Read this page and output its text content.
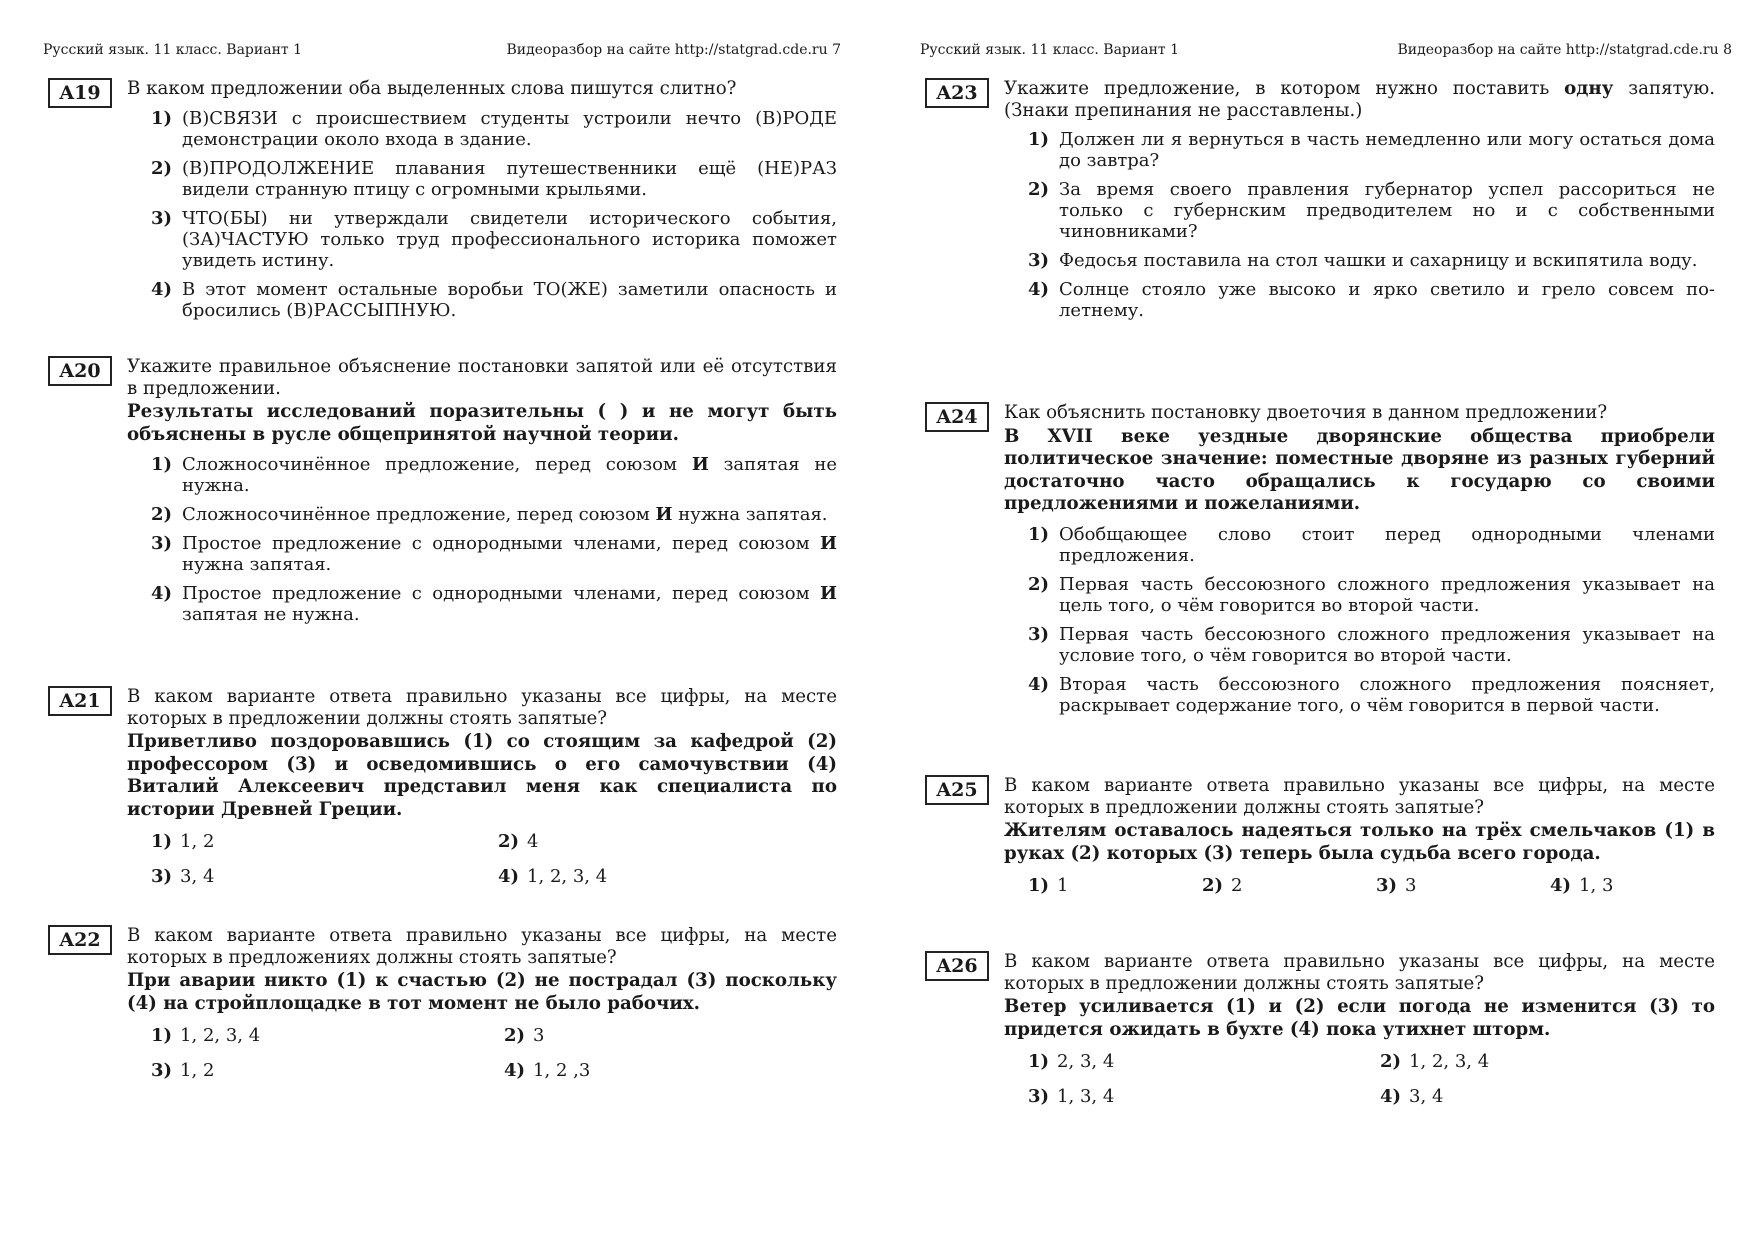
Русский язык. 11 класс. Вариант 1	Видеоразбор на сайте http://statgrad.cde.ru 7
A19	В каком предложении оба выделенных слова пишутся слитно?
1) (В)СВЯЗИ с происшествием студенты устроили нечто (В)РОДЕ демонстрации около входа в здание.
2) (В)ПРОДОЛЖЕНИЕ плавания путешественники ещё (НЕ)РАЗ видели странную птицу с огромными крыльями.
3) ЧТО(БЫ) ни утверждали свидетели исторического события, (ЗА)ЧАСТУЮ только труд профессионального историка поможет увидеть истину.
4) В этот момент остальные воробьи ТО(ЖЕ) заметили опасность и бросились (В)РАССЫПНУЮ.
A20	Укажите правильное объяснение постановки запятой или её отсутствия в предложении.
Результаты исследований поразительны ( ) и не могут быть объяснены в русле общепринятой научной теории.
1) Сложносочинённое предложение, перед союзом И запятая не нужна.
2) Сложносочинённое предложение, перед союзом И нужна запятая.
3) Простое предложение с однородными членами, перед союзом И нужна запятая.
4) Простое предложение с однородными членами, перед союзом И запятая не нужна.
A21	В каком варианте ответа правильно указаны все цифры, на месте которых в предложении должны стоять запятые?
Приветливо поздоровавшись (1) со стоящим за кафедрой (2) профессором (3) и осведомившись о его самочувствии (4) Виталий Алексеевич представил меня как специалиста по истории Древней Греции.
1) 1, 2	2) 4
3) 3, 4	4) 1, 2, 3, 4
A22	В каком варианте ответа правильно указаны все цифры, на месте которых в предложениях должны стоять запятые?
При аварии никто (1) к счастью (2) не пострадал (3) поскольку (4) на стройплощадке в тот момент не было рабочих.
1) 1, 2, 3, 4	2) 3
3) 1, 2	4) 1, 2 ,3
Русский язык. 11 класс. Вариант 1	Видеоразбор на сайте http://statgrad.cde.ru 8
A23	Укажите предложение, в котором нужно поставить одну запятую. (Знаки препинания не расставлены.)
1) Должен ли я вернуться в часть немедленно или могу остаться дома до завтра?
2) За время своего правления губернатор успел рассориться не только с губернским предводителем но и с собственными чиновниками?
3) Федосья поставила на стол чашки и сахарницу и вскипятила воду.
4) Солнце стояло уже высоко и ярко светило и грело совсем по-летнему.
A24	Как объяснить постановку двоеточия в данном предложении?
В XVII веке уездные дворянские общества приобрели политическое значение: поместные дворяне из разных губерний достаточно часто обращались к государю со своими предложениями и пожеланиями.
1) Обобщающее слово стоит перед однородными членами предложения.
2) Первая часть бессоюзного сложного предложения указывает на цель того, о чём говорится во второй части.
3) Первая часть бессоюзного сложного предложения указывает на условие того, о чём говорится во второй части.
4) Вторая часть бессоюзного сложного предложения поясняет, раскрывает содержание того, о чём говорится в первой части.
A25	В каком варианте ответа правильно указаны все цифры, на месте которых в предложении должны стоять запятые?
Жителям оставалось надеяться только на трёх смельчаков (1) в руках (2) которых (3) теперь была судьба всего города.
1) 1	2) 2	3) 3	4) 1, 3
A26	В каком варианте ответа правильно указаны все цифры, на месте которых в предложении должны стоять запятые?
Ветер усиливается (1) и (2) если погода не изменится (3) то придется ожидать в бухте (4) пока утихнет шторм.
1) 2, 3, 4	2) 1, 2, 3, 4
3) 1, 3, 4	4) 3, 4
